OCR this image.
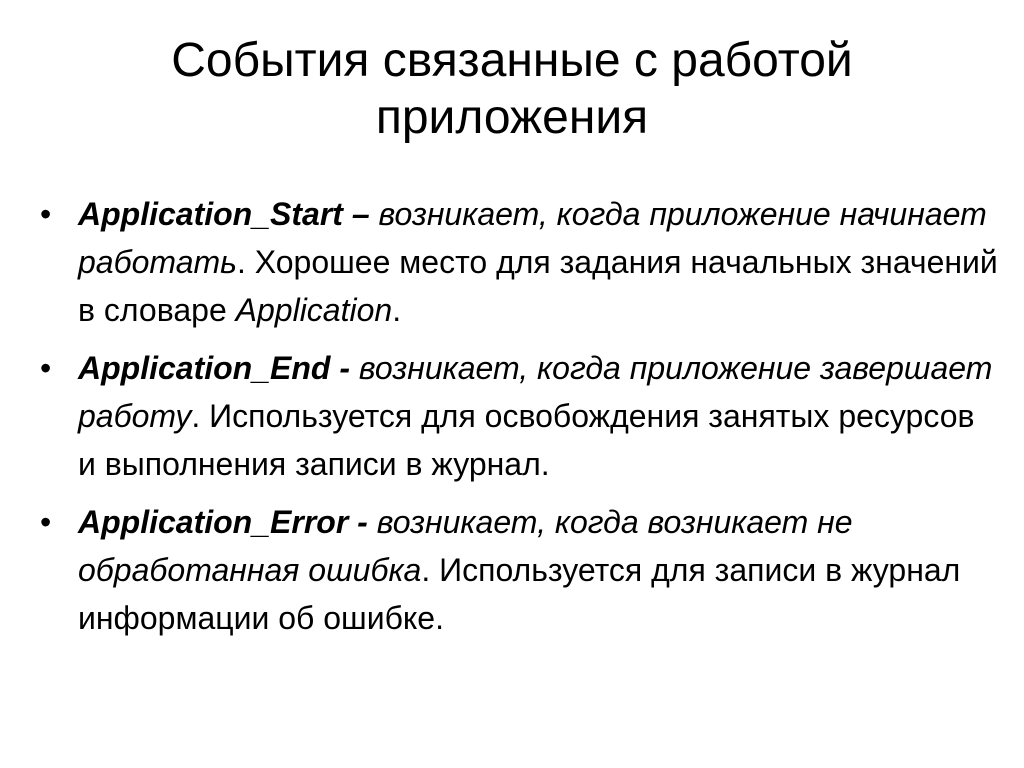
События связанные с работой приложения
• Application_Start – возникает, когда приложение начинает работать. Хорошее место для задания начальных значений в словаре Application.
• Application_End - возникает, когда приложение завершает работу. Используется для освобождения занятых ресурсов и выполнения записи в журнал.
• Application_Error - возникает, когда возникает не обработанная ошибка. Используется для записи в журнал информации об ошибке.
